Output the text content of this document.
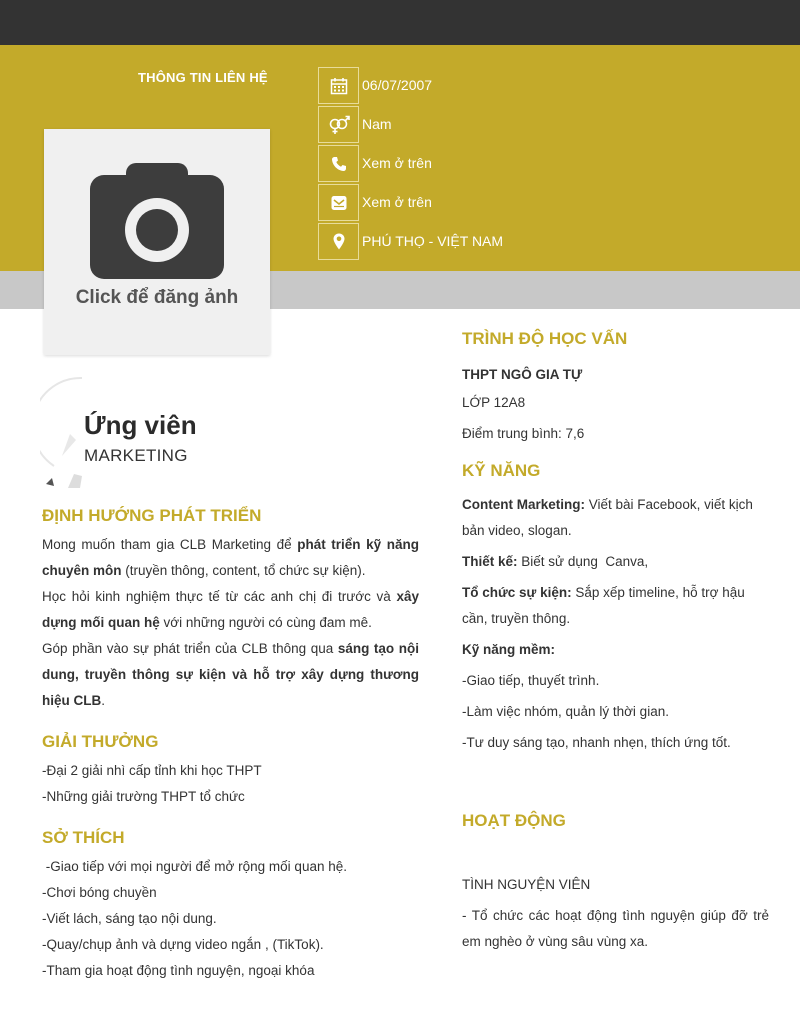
THÔNG TIN LIÊN HỆ
Click để đăng ảnh
06/07/2007
Nam
Xem ở trên
Xem ở trên
PHÚ THỌ - VIỆT NAM
Ứng viên
MARKETING
ĐỊNH HƯỚNG PHÁT TRIỂN
Mong muốn tham gia CLB Marketing để phát triển kỹ năng chuyên môn (truyền thông, content, tổ chức sự kiện).
Học hỏi kinh nghiệm thực tế từ các anh chị đi trước và xây dựng mối quan hệ với những người có cùng đam mê.
Góp phần vào sự phát triển của CLB thông qua sáng tạo nội dung, truyền thông sự kiện và hỗ trợ xây dựng thương hiệu CLB.
GIẢI THƯỞNG
-Đại 2 giải nhì cấp tỉnh khi học THPT
-Những giải trường THPT tổ chức
SỞ THÍCH
-Giao tiếp với mọi người để mở rộng mối quan hệ.
-Chơi bóng chuyền
-Viết lách, sáng tạo nội dung.
-Quay/chụp ảnh và dựng video ngắn , (TikTok).
-Tham gia hoạt động tình nguyện, ngoại khóa
TRÌNH ĐỘ HỌC VẤN
THPT NGÔ GIA TỰ
LỚP 12A8
Điểm trung bình: 7,6
KỸ NĂNG
Content Marketing: Viết bài Facebook, viết kịch bản video, slogan.
Thiết kế: Biết sử dụng  Canva,
Tổ chức sự kiện: Sắp xếp timeline, hỗ trợ hậu cần, truyền thông.
Kỹ năng mềm:
-Giao tiếp, thuyết trình.
-Làm việc nhóm, quản lý thời gian.
-Tư duy sáng tạo, nhanh nhẹn, thích ứng tốt.
HOẠT ĐỘNG
TÌNH NGUYỆN VIÊN
- Tổ chức các hoạt động tình nguyện giúp đỡ trẻ em nghèo ở vùng sâu vùng xa.
